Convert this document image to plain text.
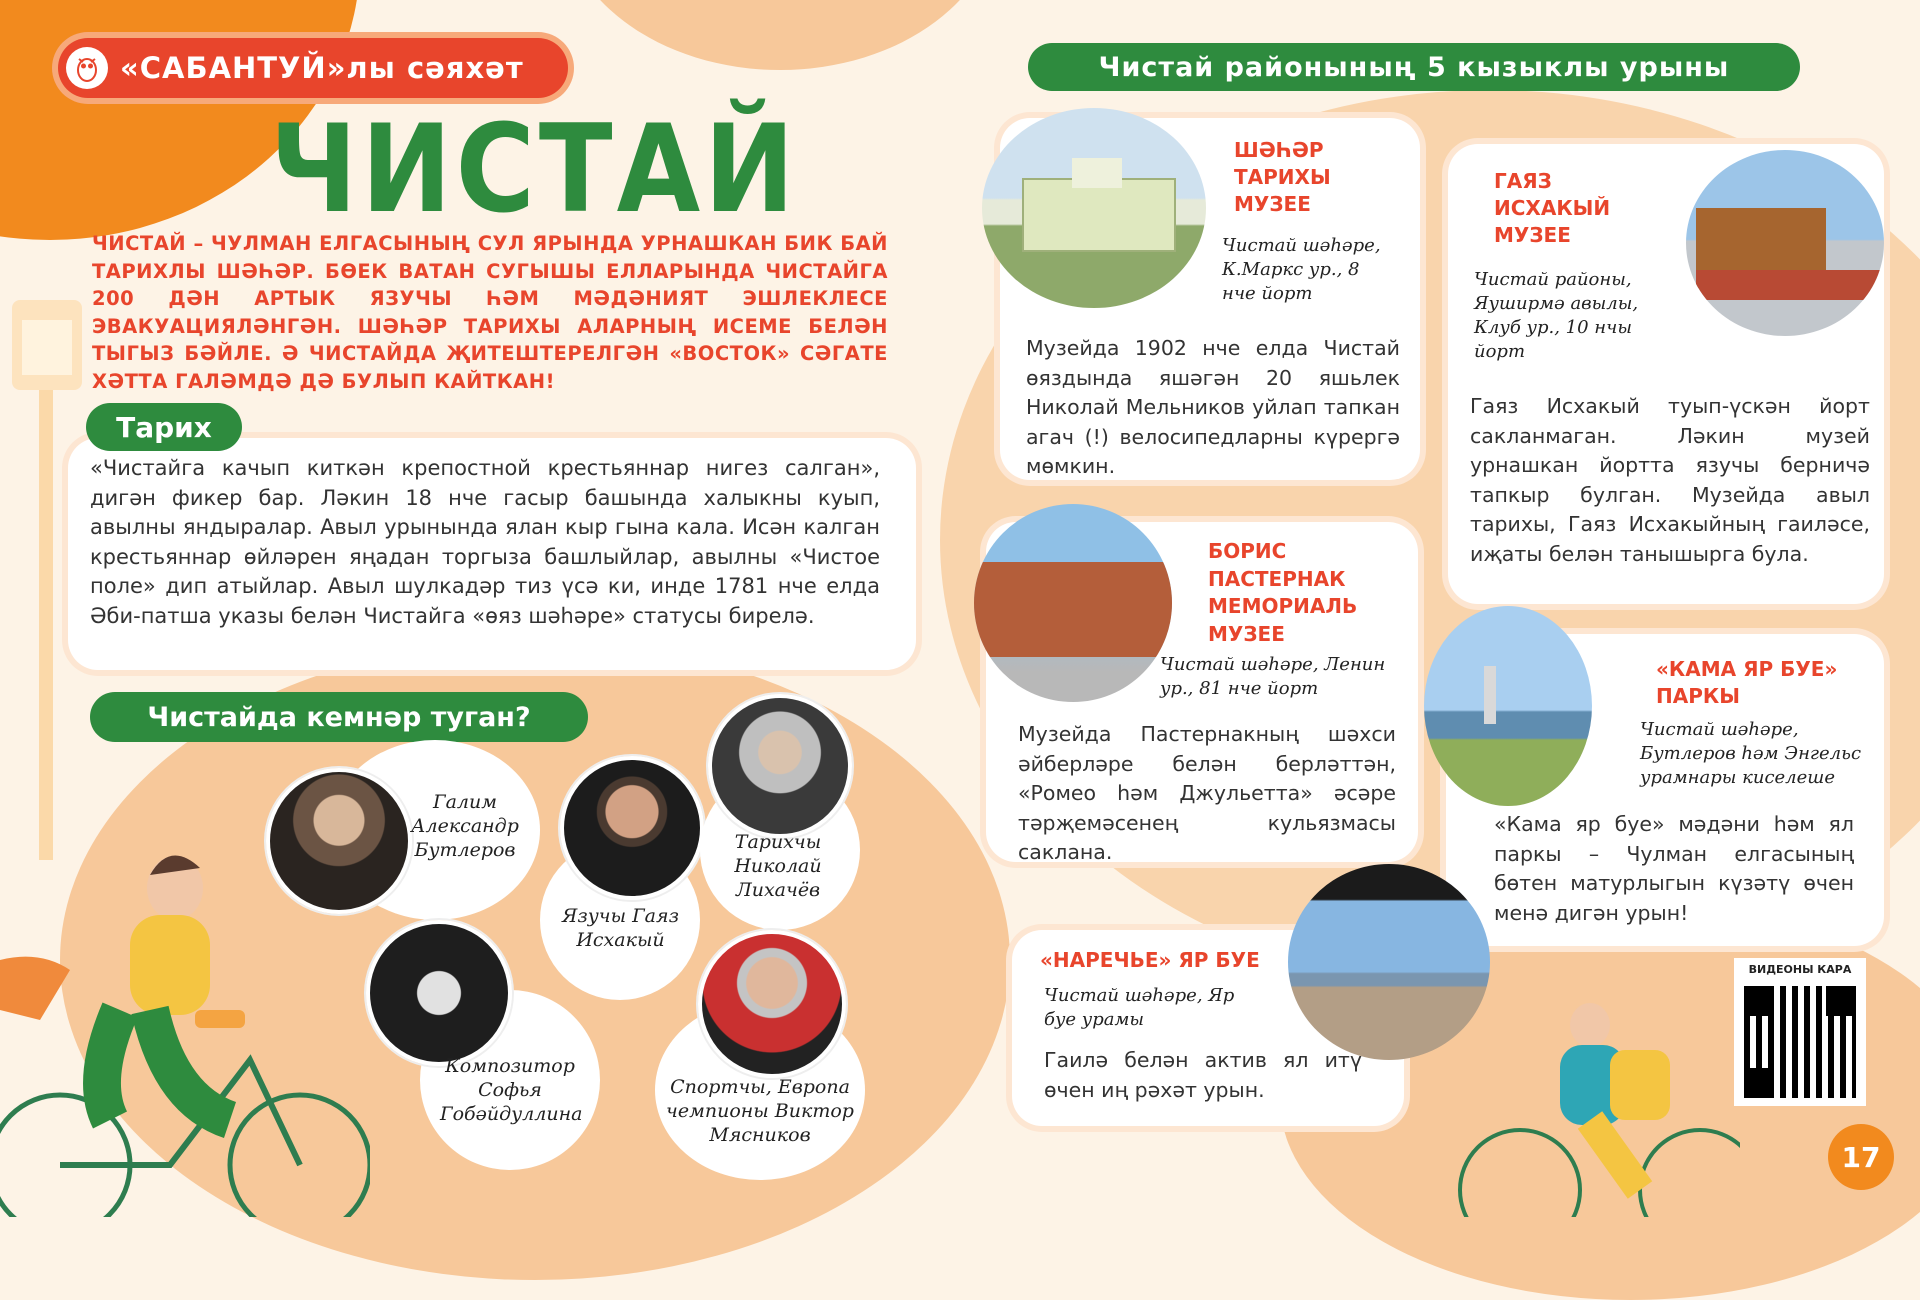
«САБАНТУЙ»лы сәяхәт
ЧИСТАЙ
ЧИСТАЙ – ЧУЛМАН ЕЛГАСЫНЫҢ СУЛ ЯРЫНДА УРНАШКАН БИК БАЙ ТАРИХЛЫ ШӘҺӘР. БӨЕК ВАТАН СУГЫШЫ ЕЛЛАРЫНДА ЧИСТАЙГА 200 ДӘН АРТЫК ЯЗУЧЫ ҺӘМ МӘДӘНИЯТ ЭШЛЕКЛЕСЕ ЭВАКУАЦИЯЛӘНГӘН. ШӘҺӘР ТАРИХЫ АЛАРНЫҢ ИСЕМЕ БЕЛӘН ТЫГЫЗ БӘЙЛЕ. Ә ЧИСТАЙДА ҖИТЕШТЕРЕЛГӘН «ВОСТОК» СӘГАТЕ ХӘТТА ГАЛӘМДӘ ДӘ БУЛЫП КАЙТКАН!
Тарих
«Чистайга качып киткән крепостной крестьяннар нигез салган», дигән фикер бар. Ләкин 18 нче гасыр башында халыкны куып, авылны яндыралар. Авыл урынында ялан кыр гына кала. Исән калган крестьяннар өйләрен яңадан торгыза башлыйлар, авылны «Чистое поле» дип атыйлар. Авыл шулкадәр тиз үсә ки, инде 1781 нче елда Әби-патша указы белән Чистайга «өяз шәһәре» статусы бирелә.
Чистайда кемнәр туган?
Галим Александр Бутлеров
Язучы Гаяз Исхакый
Тарихчы Николай Лихачёв
Композитор Софья Гобәйдуллина
Спортчы, Европа чемпионы Виктор Мясников
Чистай районының 5 кызыклы урыны
ШӘҺӘР ТАРИХЫ МУЗЕЕ
Чистай шәһәре, К.Маркс ур., 8 нче йорт
Музейда 1902 нче елда Чистай өяздында яшәгән 20 яшьлек Николай Мельников уйлап тапкан агач (!) велосипедларны күрергә мөмкин.
ГАЯЗ ИСХАКЫЙ МУЗЕЕ
Чистай районы, Яуширмә авылы, Клуб ур., 10 нчы йорт
Гаяз Исхакый туып-үскән йорт сакланмаган. Ләкин музей урнашкан йортта язучы берничә тапкыр булган. Музейда авыл тарихы, Гаяз Исхакыйның гаиләсе, иҗаты белән танышырга була.
БОРИС ПАСТЕРНАК МЕМОРИАЛЬ МУЗЕЕ
Чистай шәһәре, Ленин ур., 81 нче йорт
Музейда Пастернакның шәхси әйберләре белән берләттән, «Ромео һәм Джульетта» әсәре тәрҗемәсенең кульязмасы саклана.
«КАМА ЯР БУЕ» ПАРКЫ
Чистай шәһәре, Бутлеров һәм Энгельс урамнары киселеше
«Кама яр буе» мәдәни һәм ял паркы – Чулман елгасының бөтен матурлыгын күзәтү өчен менә дигән урын!
«НАРЕЧЬЕ» ЯР БУЕ
Чистай шәһәре, Яр буе урамы
Гаилә белән актив ял итү өчен иң рәхәт урын.
ВИДЕОНЫ КАРА
17
